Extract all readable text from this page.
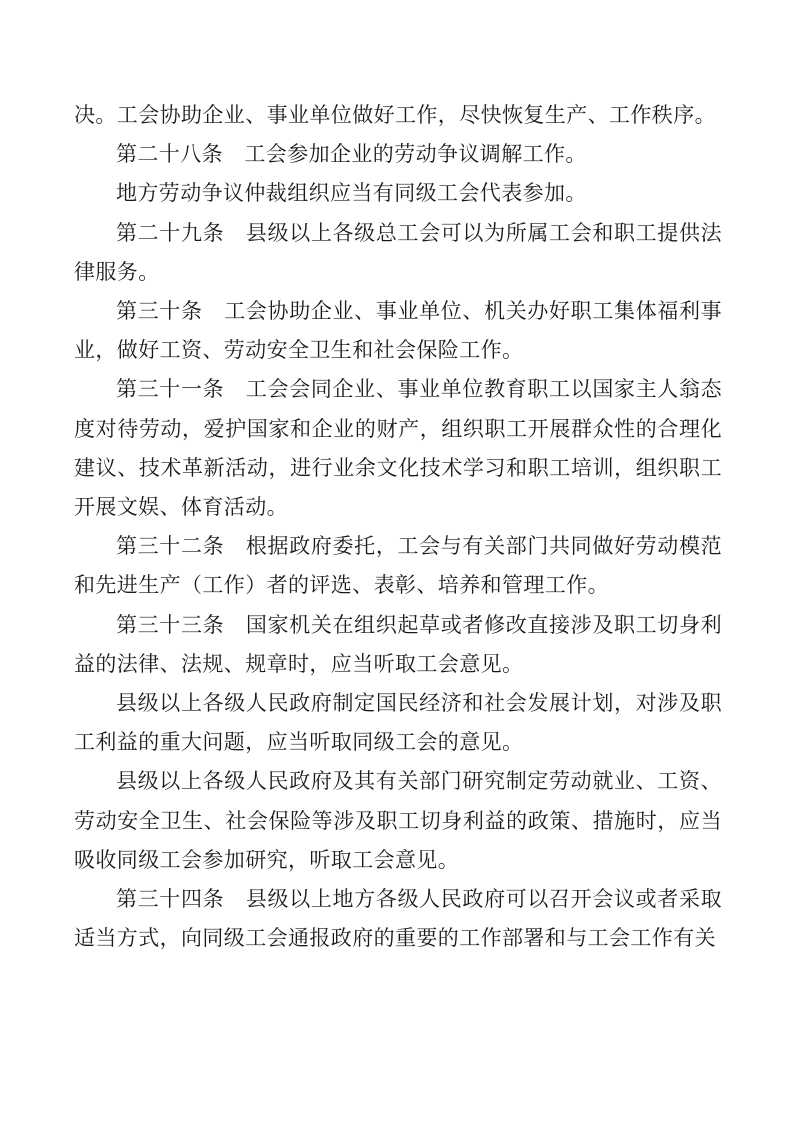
决。工会协助企业、事业单位做好工作，尽快恢复生产、工作秩序。

第二十八条　工会参加企业的劳动争议调解工作。

地方劳动争议仲裁组织应当有同级工会代表参加。

第二十九条　县级以上各级总工会可以为所属工会和职工提供法律服务。

第三十条　工会协助企业、事业单位、机关办好职工集体福利事业，做好工资、劳动安全卫生和社会保险工作。

第三十一条　工会会同企业、事业单位教育职工以国家主人翁态度对待劳动，爱护国家和企业的财产，组织职工开展群众性的合理化建议、技术革新活动，进行业余文化技术学习和职工培训，组织职工开展文娱、体育活动。

第三十二条　根据政府委托，工会与有关部门共同做好劳动模范和先进生产（工作）者的评选、表彰、培养和管理工作。

第三十三条　国家机关在组织起草或者修改直接涉及职工切身利益的法律、法规、规章时，应当听取工会意见。

县级以上各级人民政府制定国民经济和社会发展计划，对涉及职工利益的重大问题，应当听取同级工会的意见。

县级以上各级人民政府及其有关部门研究制定劳动就业、工资、劳动安全卫生、社会保险等涉及职工切身利益的政策、措施时，应当吸收同级工会参加研究，听取工会意见。

第三十四条　县级以上地方各级人民政府可以召开会议或者采取适当方式，向同级工会通报政府的重要的工作部署和与工会工作有关
